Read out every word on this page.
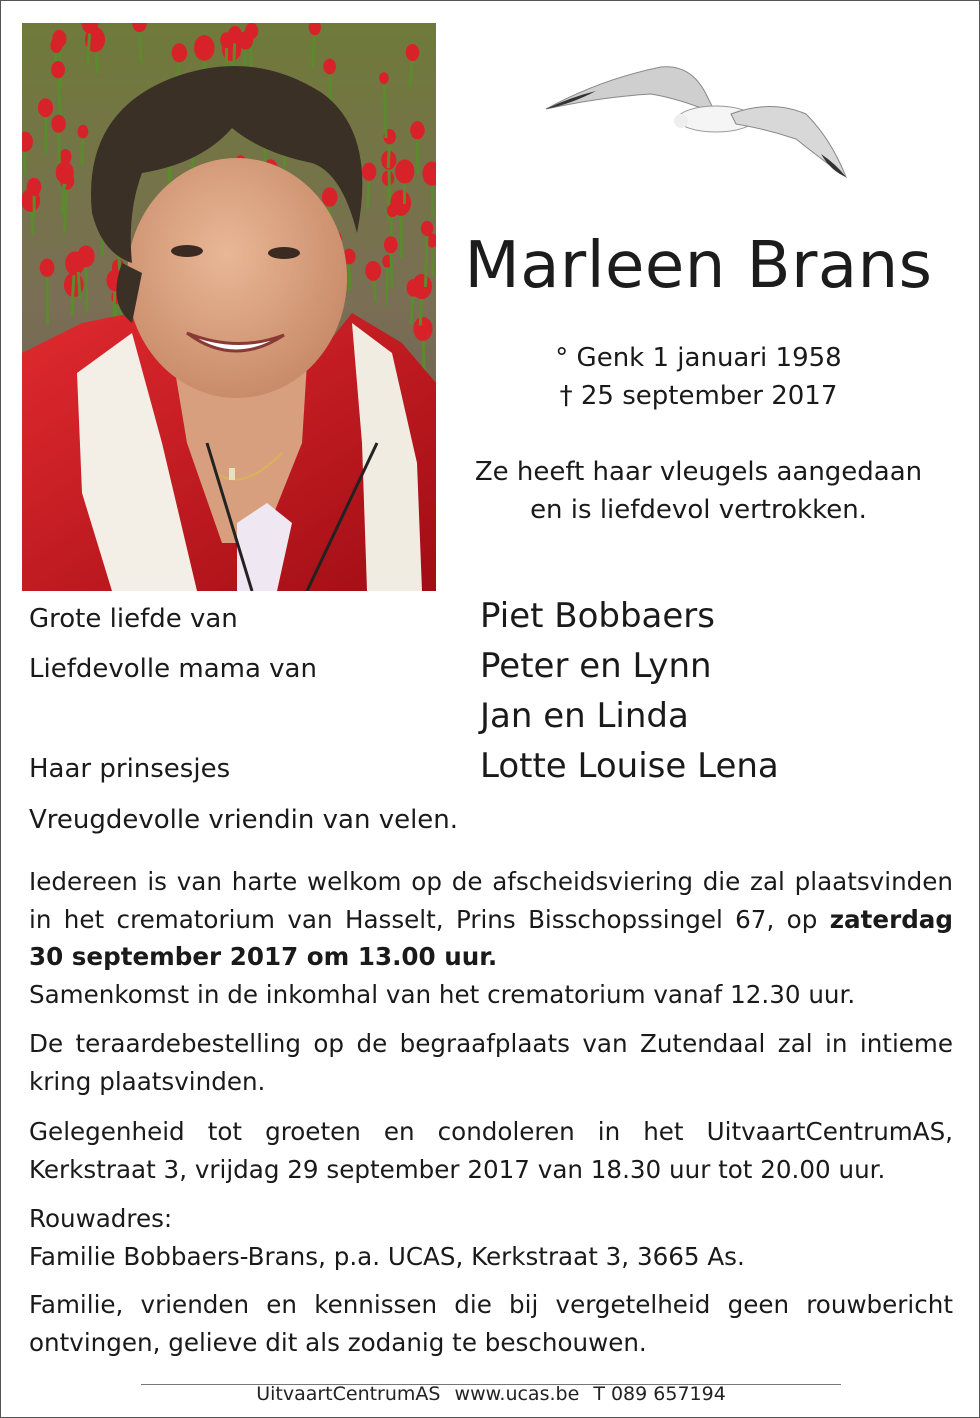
Marleen Brans
° Genk 1 januari 1958
† 25 september 2017
Ze heeft haar vleugels aangedaan
en is liefdevol vertrokken.
Grote liefde van	Piet Bobbaers
Liefdevolle mama van	Peter en Lynn
Jan en Linda
Haar prinsesjes	Lotte Louise Lena
Vreugdevolle vriendin van velen.

Iedereen is van harte welkom op de afscheidsviering die zal plaatsvinden in het crematorium van Hasselt, Prins Bisschopssingel 67, op zaterdag 30 september 2017 om 13.00 uur.

Samenkomst in de inkomhal van het crematorium vanaf 12.30 uur.

De teraardebestelling op de begraafplaats van Zutendaal zal in intieme kring plaatsvinden.
Gelegenheid tot groeten en condoleren in het UitvaartCentrumAS, Kerkstraat 3, vrijdag 29 september 2017 van 18.30 uur tot 20.00 uur.

Rouwadres:

Familie Bobbaers-Brans, p.a. UCAS, Kerkstraat 3, 3665 As.

Familie, vrienden en kennissen die bij vergetelheid geen rouwbericht ontvingen, gelieve dit als zodanig te beschouwen.
UitvaartCentrumAS www.ucas.be T 089 657194
